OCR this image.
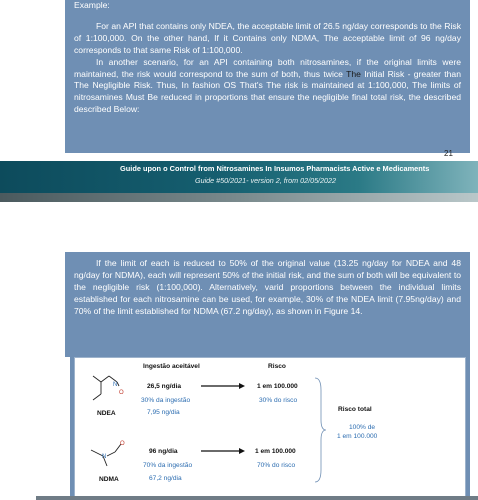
Example:

For an API that contains only NDEA, the acceptable limit of 26.5 ng/day corresponds to the Risk of 1:100,000. On the other hand, If it Contains only NDMA, The acceptable limit of 96 ng/day corresponds to that same Risk of 1:100,000.

In another scenario, for an API containing both nitrosamines, if the original limits were maintained, the risk would correspond to the sum of both, thus twice The Initial Risk - greater than The Negligible Risk. Thus, In fashion OS That's The risk is maintained at 1:100,000, The limits of nitrosamines Must Be reduced in proportions that ensure the negligible final total risk, the described described Below:

21
Guide upon o Control from Nitrosamines In Insumos Pharmacists Active e Medicaments
Guide #50/2021- version 2, from 02/05/2022
If the limit of each is reduced to 50% of the original value (13.25 ng/day for NDEA and 48 ng/day for NDMA), each will represent 50% of the initial risk, and the sum of both will be equivalent to the negligible risk (1:100,000). Alternatively, varid proportions between the individual limits established for each nitrosamine can be used, for example, 30% of the NDEA limit (7.95ng/day) and 70% of the limit established for NDMA (67.2 ng/day), as shown in Figure 14.
Ingestão aceitável	Risco
N
O
NDEA
26,5 ng/dia
30% da ingestão
7,95 ng/dia
1 em 100.000
30% do risco
Risco total
100% de
1 em 100.000
N
O
NDMA
96 ng/dia
70% da ingestão
67,2 ng/dia
1 em 100.000
70% do risco
